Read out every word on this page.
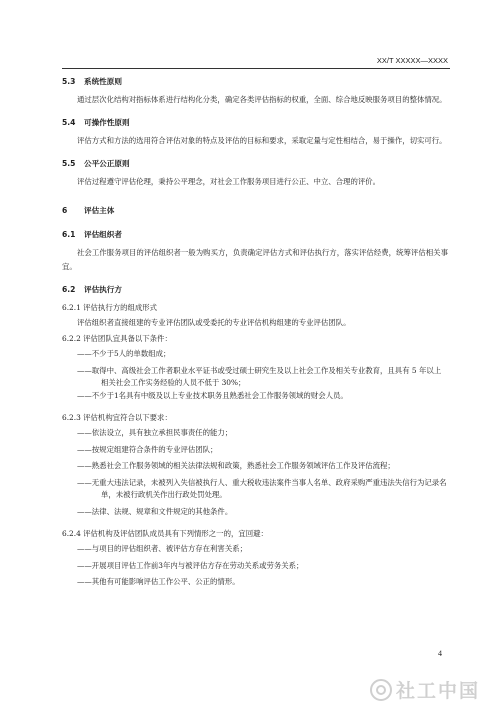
XX/T XXXXX—XXXX
5.3 系统性原则
通过层次化结构对指标体系进行结构化分类，确定各类评估指标的权重，全面、综合地反映服务项目的整体情况。
5.4 可操作性原则
评估方式和方法的选用符合评估对象的特点及评估的目标和要求，采取定量与定性相结合，易于操作，切实可行。
5.5 公平公正原则
评估过程遵守评估伦理，秉持公平理念，对社会工作服务项目进行公正、中立、合理的评价。
6 评估主体
6.1 评估组织者
社会工作服务项目的评估组织者一般为购买方，负责确定评估方式和评估执行方，落实评估经费，统筹评估相关事宜。
6.2 评估执行方
6.2.1 评估执行方的组成形式
评估组织者直接组建的专业评估团队或受委托的专业评估机构组建的专业评估团队。
6.2.2 评估团队宜具备以下条件：
——不少于5人的单数组成；
——取得中、高级社会工作者职业水平证书或受过硕士研究生及以上社会工作及相关专业教育，且具有 5 年以上相关社会工作实务经验的人员不低于 30%；
——不少于1名具有中级及以上专业技术职务且熟悉社会工作服务领域的财会人员。
6.2.3 评估机构宜符合以下要求：
——依法设立，具有独立承担民事责任的能力；
——按规定组建符合条件的专业评估团队；
——熟悉社会工作服务领域的相关法律法规和政策，熟悉社会工作服务领域评估工作及评估流程；
——无重大违法记录，未被列入失信被执行人、重大税收违法案件当事人名单、政府采购严重违法失信行为记录名单，未被行政机关作出行政处罚处理。
——法律、法规、规章和文件规定的其他条件。
6.2.4 评估机构及评估团队成员具有下列情形之一的，宜回避：
——与项目的评估组织者、被评估方存在利害关系；
——开展项目评估工作前3年内与被评估方存在劳动关系或劳务关系；
——其他有可能影响评估工作公平、公正的情形。
4
社工中国
